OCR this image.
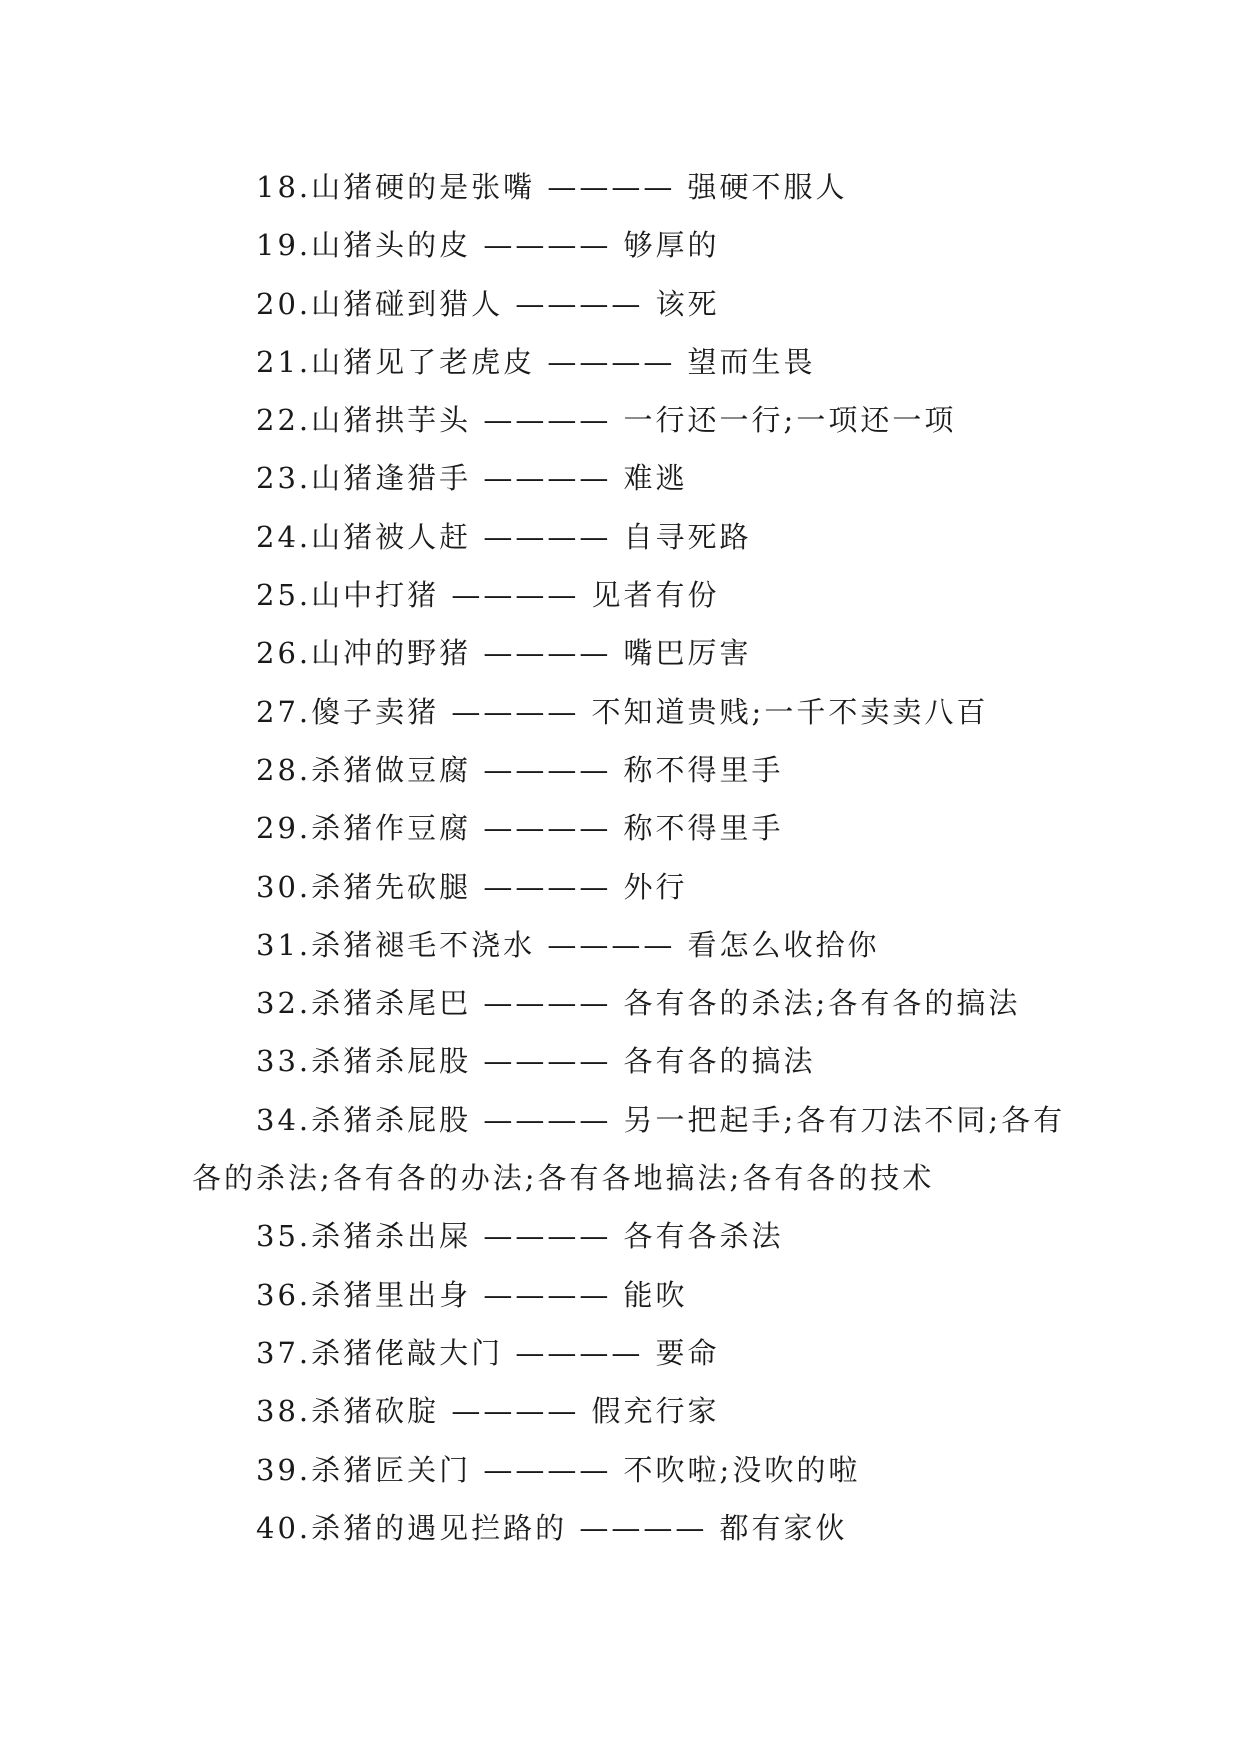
18.山猪硬的是张嘴 ———— 强硬不服人
19.山猪头的皮 ———— 够厚的
20.山猪碰到猎人 ———— 该死
21.山猪见了老虎皮 ———— 望而生畏
22.山猪拱芋头 ———— 一行还一行;一项还一项
23.山猪逢猎手 ———— 难逃
24.山猪被人赶 ———— 自寻死路
25.山中打猪 ———— 见者有份
26.山冲的野猪 ———— 嘴巴厉害
27.傻子卖猪 ———— 不知道贵贱;一千不卖卖八百
28.杀猪做豆腐 ———— 称不得里手
29.杀猪作豆腐 ———— 称不得里手
30.杀猪先砍腿 ———— 外行
31.杀猪褪毛不浇水 ———— 看怎么收拾你
32.杀猪杀尾巴 ———— 各有各的杀法;各有各的搞法
33.杀猪杀屁股 ———— 各有各的搞法
34.杀猪杀屁股 ———— 另一把起手;各有刀法不同;各有各的杀法;各有各的办法;各有各地搞法;各有各的技术
35.杀猪杀出屎 ———— 各有各杀法
36.杀猪里出身 ———— 能吹
37.杀猪佬敲大门 ———— 要命
38.杀猪砍腚 ———— 假充行家
39.杀猪匠关门 ———— 不吹啦;没吹的啦
40.杀猪的遇见拦路的 ———— 都有家伙
